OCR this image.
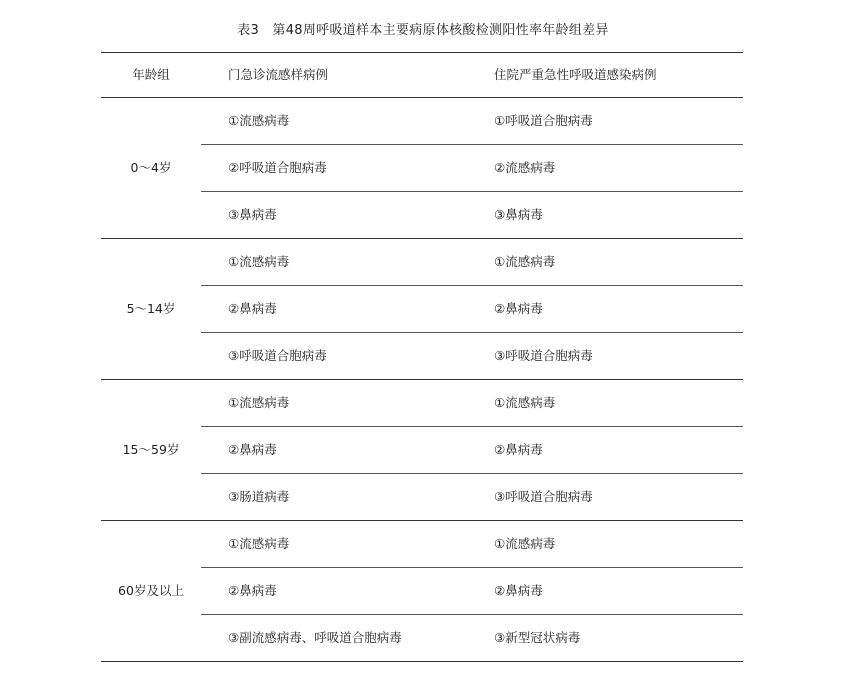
表3　第48周呼吸道样本主要病原体核酸检测阳性率年龄组差异
年龄组	门急诊流感样病例	住院严重急性呼吸道感染病例
0～4岁	①流感病毒	①呼吸道合胞病毒
	②呼吸道合胞病毒	②流感病毒
	③鼻病毒	③鼻病毒
5～14岁	①流感病毒	①流感病毒
	②鼻病毒	②鼻病毒
	③呼吸道合胞病毒	③呼吸道合胞病毒
15～59岁	①流感病毒	①流感病毒
	②鼻病毒	②鼻病毒
	③肠道病毒	③呼吸道合胞病毒
60岁及以上	①流感病毒	①流感病毒
	②鼻病毒	②鼻病毒
	③副流感病毒、呼吸道合胞病毒	③新型冠状病毒
